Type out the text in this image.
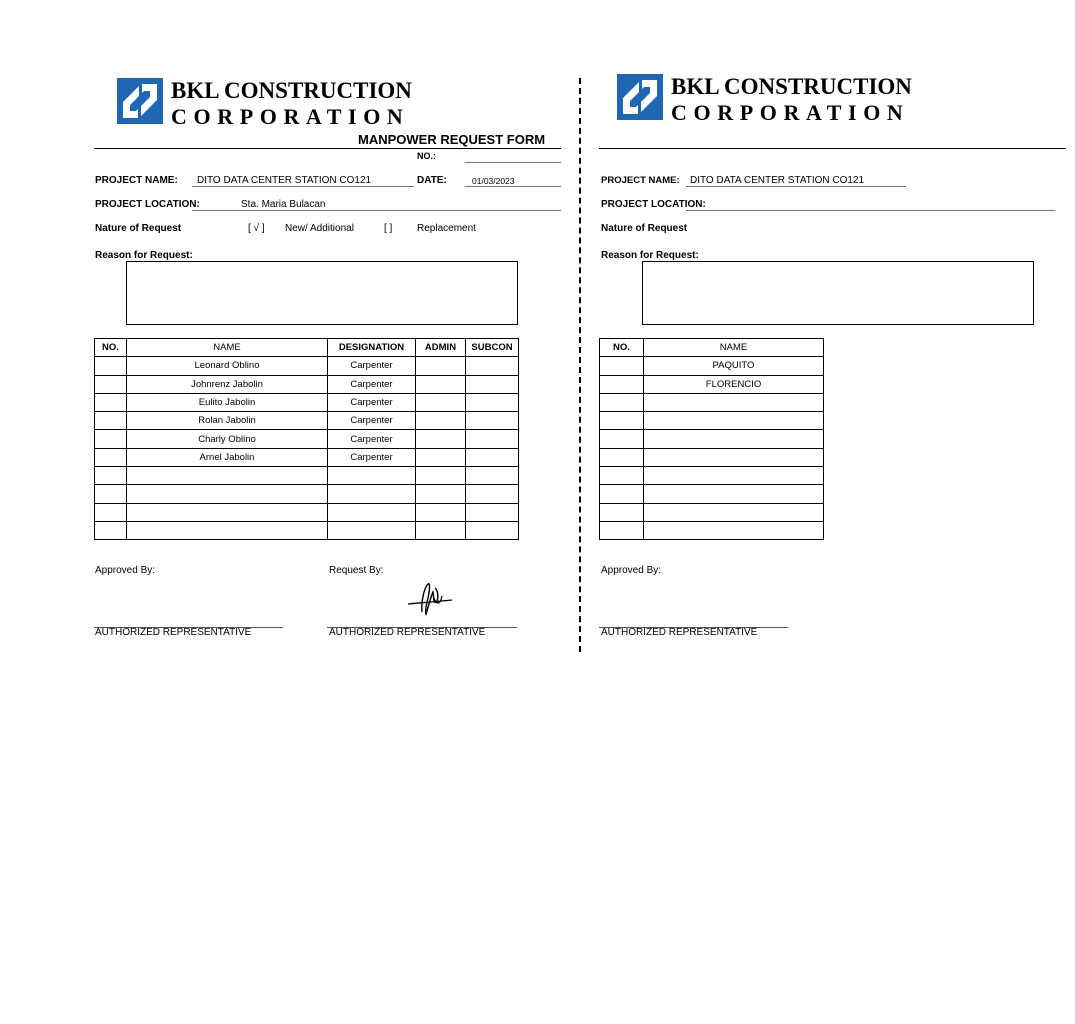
BKL CONSTRUCTION
CORPORATION
MANPOWER REQUEST FORM
NO.:
PROJECT NAME: DITO DATA CENTER STATION CO121	DATE:	01/03/2023
PROJECT LOCATION:	Sta. Maria Bulacan
Nature of Request	[ √ ] New/ Additional	[ ] Replacement
Reason for Request:
NO.	NAME	DESIGNATION	ADMIN	SUBCON
	Leonard Oblino	Carpenter		
	Johnrenz Jabolin	Carpenter		
	Eulito Jabolin	Carpenter		
	Rolan Jabolin	Carpenter		
	Charly Oblino	Carpenter		
	Arnel Jabolin	Carpenter		

Approved By:	Request By:
AUTHORIZED REPRESENTATIVE	AUTHORIZED REPRESENTATIVE
BKL CONSTRUCTION
CORPORATION
PROJECT NAME: DITO DATA CENTER STATION CO121
PROJECT LOCATION:
Nature of Request
Reason for Request:
NO.	NAME
	PAQUITO
	FLORENCIO

Approved By:
AUTHORIZED REPRESENTATIVE
